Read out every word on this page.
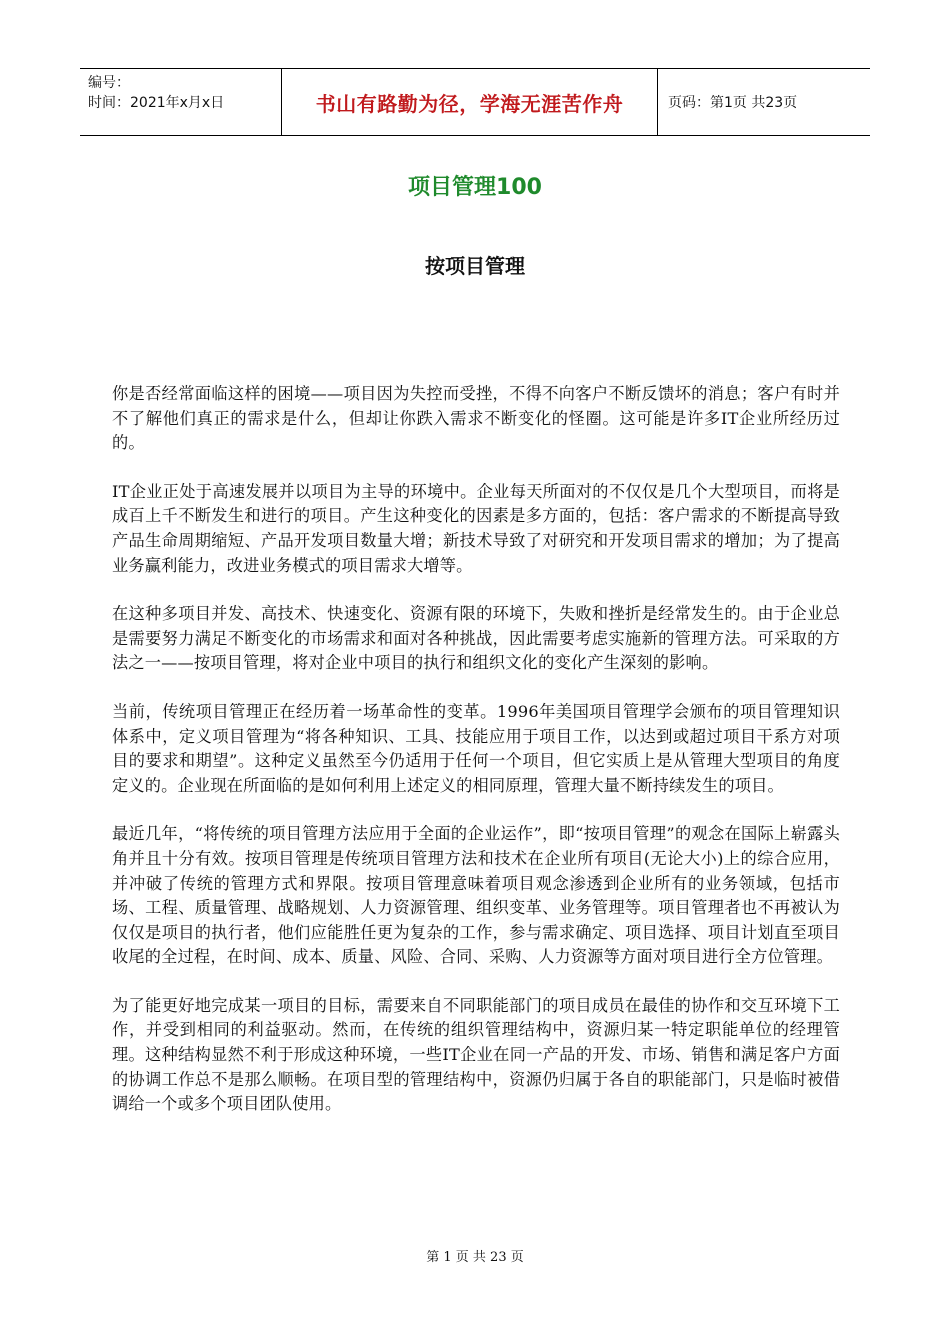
编号：
时间：2021年x月x日	书山有路勤为径，学海无涯苦作舟	页码：第1页 共23页
项目管理100
按项目管理

你是否经常面临这样的困境——项目因为失控而受挫，不得不向客户不断反馈坏的消息；客户有时并不了解他们真正的需求是什么，但却让你跌入需求不断变化的怪圈。这可能是许多IT企业所经历过的。

IT企业正处于高速发展并以项目为主导的环境中。企业每天所面对的不仅仅是几个大型项目，而将是成百上千不断发生和进行的项目。产生这种变化的因素是多方面的，包括：客户需求的不断提高导致产品生命周期缩短、产品开发项目数量大增；新技术导致了对研究和开发项目需求的增加；为了提高业务赢利能力，改进业务模式的项目需求大增等。

在这种多项目并发、高技术、快速变化、资源有限的环境下，失败和挫折是经常发生的。由于企业总是需要努力满足不断变化的市场需求和面对各种挑战，因此需要考虑实施新的管理方法。可采取的方法之一——按项目管理，将对企业中项目的执行和组织文化的变化产生深刻的影响。

当前，传统项目管理正在经历着一场革命性的变革。1996年美国项目管理学会颁布的项目管理知识体系中，定义项目管理为“将各种知识、工具、技能应用于项目工作，以达到或超过项目干系方对项目的要求和期望”。这种定义虽然至今仍适用于任何一个项目，但它实质上是从管理大型项目的角度定义的。企业现在所面临的是如何利用上述定义的相同原理，管理大量不断持续发生的项目。

最近几年，“将传统的项目管理方法应用于全面的企业运作”，即“按项目管理”的观念在国际上崭露头角并且十分有效。按项目管理是传统项目管理方法和技术在企业所有项目(无论大小)上的综合应用，并冲破了传统的管理方式和界限。按项目管理意味着项目观念渗透到企业所有的业务领域，包括市场、工程、质量管理、战略规划、人力资源管理、组织变革、业务管理等。项目管理者也不再被认为仅仅是项目的执行者，他们应能胜任更为复杂的工作，参与需求确定、项目选择、项目计划直至项目收尾的全过程，在时间、成本、质量、风险、合同、采购、人力资源等方面对项目进行全方位管理。

为了能更好地完成某一项目的目标，需要来自不同职能部门的项目成员在最佳的协作和交互环境下工作，并受到相同的利益驱动。然而，在传统的组织管理结构中，资源归某一特定职能单位的经理管理。这种结构显然不利于形成这种环境，一些IT企业在同一产品的开发、市场、销售和满足客户方面的协调工作总不是那么顺畅。在项目型的管理结构中，资源仍归属于各自的职能部门，只是临时被借调给一个或多个项目团队使用。

第 1 页 共 23 页
